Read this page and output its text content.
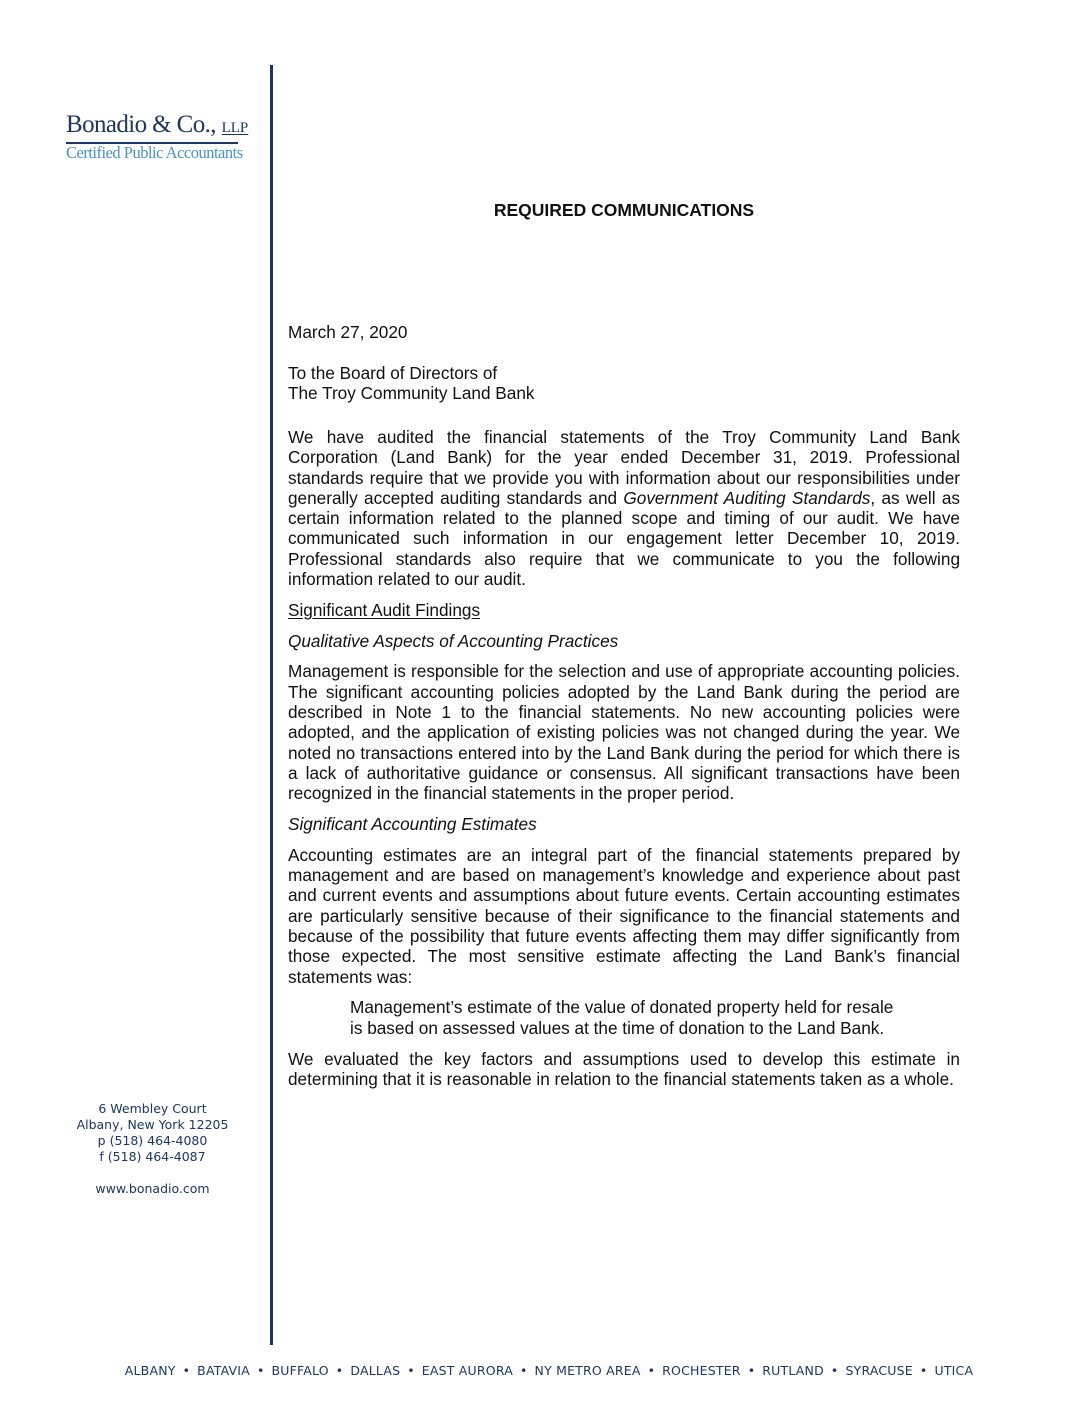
Bonadio & Co., LLP
Certified Public Accountants
6 Wembley Court
Albany, New York 12205
p (518) 464-4080
f (518) 464-4087
www.bonadio.com
REQUIRED COMMUNICATIONS
March 27, 2020
To the Board of Directors of
The Troy Community Land Bank

We have audited the financial statements of the Troy Community Land Bank Corporation (Land Bank) for the year ended December 31, 2019. Professional standards require that we provide you with information about our responsibilities under generally accepted auditing standards and Government Auditing Standards, as well as certain information related to the planned scope and timing of our audit. We have communicated such information in our engagement letter December 10, 2019. Professional standards also require that we communicate to you the following information related to our audit.

Significant Audit Findings

Qualitative Aspects of Accounting Practices

Management is responsible for the selection and use of appropriate accounting policies. The significant accounting policies adopted by the Land Bank during the period are described in Note 1 to the financial statements. No new accounting policies were adopted, and the application of existing policies was not changed during the year. We noted no transactions entered into by the Land Bank during the period for which there is a lack of authoritative guidance or consensus. All significant transactions have been recognized in the financial statements in the proper period.

Significant Accounting Estimates

Accounting estimates are an integral part of the financial statements prepared by management and are based on management’s knowledge and experience about past and current events and assumptions about future events. Certain accounting estimates are particularly sensitive because of their significance to the financial statements and because of the possibility that future events affecting them may differ significantly from those expected. The most sensitive estimate affecting the Land Bank’s financial statements was:

Management’s estimate of the value of donated property held for resale is based on assessed values at the time of donation to the Land Bank.

We evaluated the key factors and assumptions used to develop this estimate in determining that it is reasonable in relation to the financial statements taken as a whole.

ALBANY • BATAVIA • BUFFALO • DALLAS • EAST AURORA • NY METRO AREA • ROCHESTER • RUTLAND • SYRACUSE • UTICA
